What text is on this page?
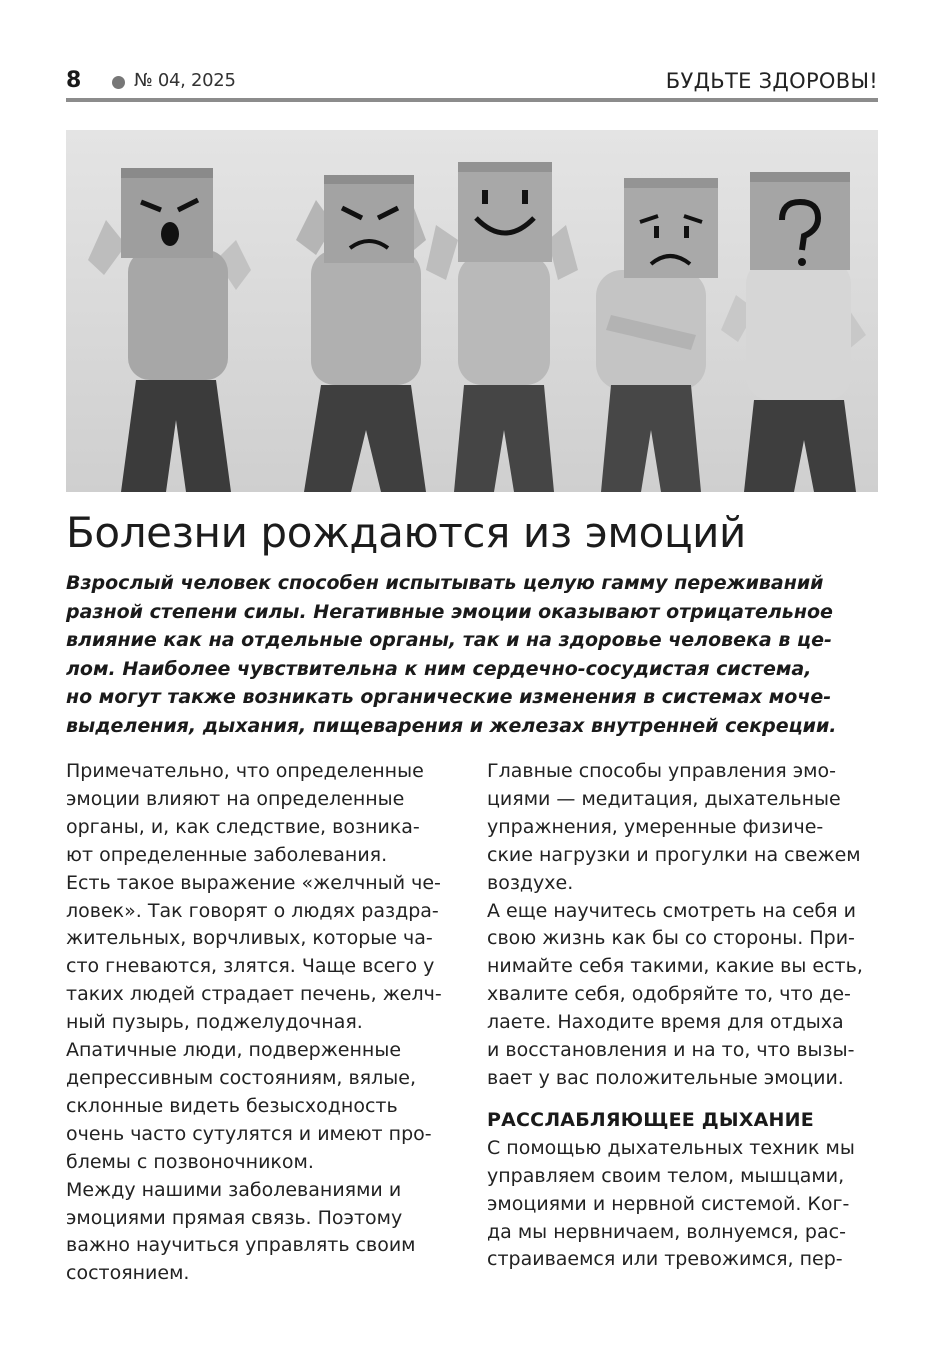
8	№ 04, 2025	БУДЬТЕ ЗДОРОВЫ!
Болезни рождаются из эмоций
Взрослый человек способен испытывать целую гамму переживаний
разной степени силы. Негативные эмоции оказывают отрицательное
влияние как на отдельные органы, так и на здоровье человека в це-
лом. Наиболее чувствительна к ним сердечно-сосудистая система,
но могут также возникать органические изменения в системах моче-
выделения, дыхания, пищеварения и железах внутренней секреции.
Примечательно, что определенные
эмоции влияют на определенные
органы, и, как следствие, возника-
ют определенные заболевания.
Есть такое выражение «желчный че-
ловек». Так говорят о людях раздра-
жительных, ворчливых, которые ча-
сто гневаются, злятся. Чаще всего у
таких людей страдает печень, желч-
ный пузырь, поджелудочная.
Апатичные люди, подверженные
депрессивным состояниям, вялые,
склонные видеть безысходность
очень часто сутулятся и имеют про-
блемы с позвоночником.
Между нашими заболеваниями и
эмоциями прямая связь. Поэтому
важно научиться управлять своим
состоянием.
Главные способы управления эмо-
циями — медитация, дыхательные
упражнения, умеренные физиче-
ские нагрузки и прогулки на свежем
воздухе.
А еще научитесь смотреть на себя и
свою жизнь как бы со стороны. При-
нимайте себя такими, какие вы есть,
хвалите себя, одобряйте то, что де-
лаете. Находите время для отдыха
и восстановления и на то, что вызы-
вает у вас положительные эмоции.
РАССЛАБЛЯЮЩЕЕ ДЫХАНИЕ
С помощью дыхательных техник мы
управляем своим телом, мышцами,
эмоциями и нервной системой. Ког-
да мы нервничаем, волнуемся, рас-
страиваемся или тревожимся, пер-
